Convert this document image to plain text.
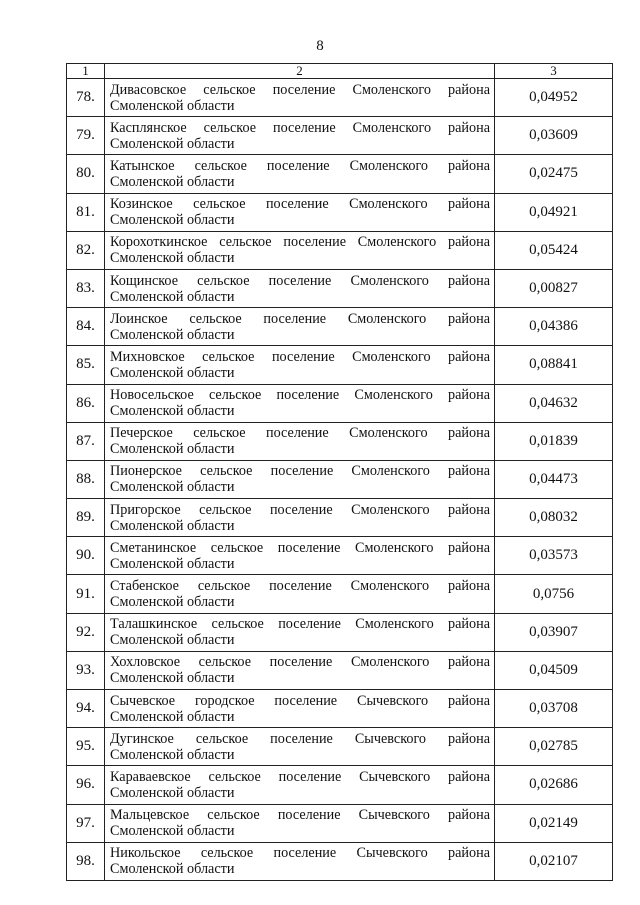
8
1	2	3
78.	Дивасовское сельское поселение Смоленского района
Смоленской области	0,04952
79.	Касплянское сельское поселение Смоленского района
Смоленской области	0,03609
80.	Катынское сельское поселение Смоленского района
Смоленской области	0,02475
81.	Козинское сельское поселение Смоленского района
Смоленской области	0,04921
82.	Корохоткинское сельское поселение Смоленского района
Смоленской области	0,05424
83.	Кощинское сельское поселение Смоленского района
Смоленской области	0,00827
84.	Лоинское сельское поселение Смоленского района
Смоленской области	0,04386
85.	Михновское сельское поселение Смоленского района
Смоленской области	0,08841
86.	Новосельское сельское поселение Смоленского района
Смоленской области	0,04632
87.	Печерское сельское поселение Смоленского района
Смоленской области	0,01839
88.	Пионерское сельское поселение Смоленского района
Смоленской области	0,04473
89.	Пригорское сельское поселение Смоленского района
Смоленской области	0,08032
90.	Сметанинское сельское поселение Смоленского района
Смоленской области	0,03573
91.	Стабенское сельское поселение Смоленского района
Смоленской области	0,0756
92.	Талашкинское сельское поселение Смоленского района
Смоленской области	0,03907
93.	Хохловское сельское поселение Смоленского района
Смоленской области	0,04509
94.	Сычевское городское поселение Сычевского района
Смоленской области	0,03708
95.	Дугинское сельское поселение Сычевского района
Смоленской области	0,02785
96.	Караваевское сельское поселение Сычевского района
Смоленской области	0,02686
97.	Мальцевское сельское поселение Сычевского района
Смоленской области	0,02149
98.	Никольское сельское поселение Сычевского района
Смоленской области	0,02107
